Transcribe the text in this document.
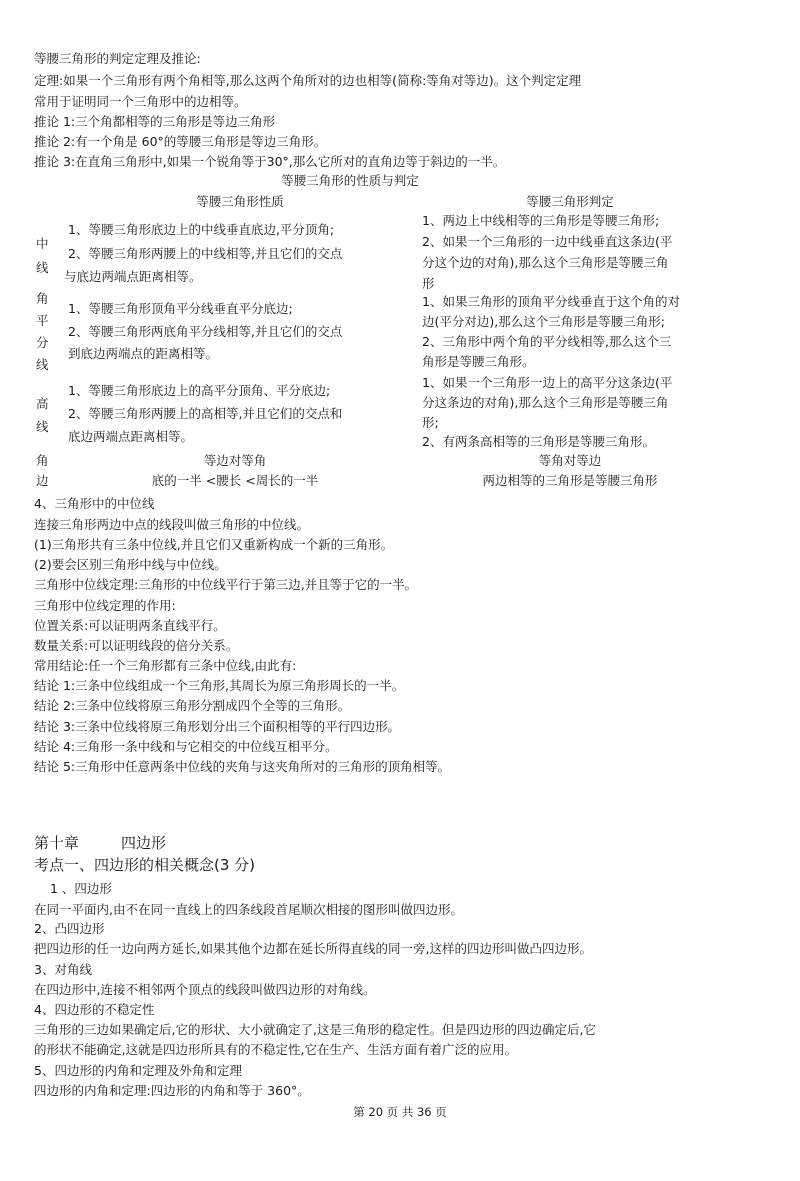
等腰三角形的判定定理及推论:
定理:如果一个三角形有两个角相等,那么这两个角所对的边也相等(简称:等角对等边)。这个判定定理
常用于证明同一个三角形中的边相等。
推论 1:三个角都相等的三角形是等边三角形
推论 2:有一个角是 60°的等腰三角形是等边三角形。
推论 3:在直角三角形中,如果一个锐角等于30°,那么它所对的直角边等于斜边的一半。
等腰三角形的性质与判定
等腰三角形性质	等腰三角形判定
中
线
1、等腰三角形底边上的中线垂直底边,平分顶角;
2、等腰三角形两腰上的中线相等,并且它们的交点
与底边两端点距离相等。
角
平
分
线
1、等腰三角形顶角平分线垂直平分底边;
2、等腰三角形两底角平分线相等,并且它们的交点
到底边两端点的距离相等。
高
线
1、等腰三角形底边上的高平分顶角、平分底边;
2、等腰三角形两腰上的高相等,并且它们的交点和
底边两端点距离相等。
角
边
等边对等角
底的一半 <腰长 <周长的一半
等角对等边
两边相等的三角形是等腰三角形
1、两边上中线相等的三角形是等腰三角形;
2、如果一个三角形的一边中线垂直这条边(平
分这个边的对角),那么这个三角形是等腰三角
形
1、如果三角形的顶角平分线垂直于这个角的对
边(平分对边),那么这个三角形是等腰三角形;
2、三角形中两个角的平分线相等,那么这个三
角形是等腰三角形。
1、如果一个三角形一边上的高平分这条边(平
分这条边的对角),那么这个三角形是等腰三角
形;
2、有两条高相等的三角形是等腰三角形。
4、三角形中的中位线
连接三角形两边中点的线段叫做三角形的中位线。
(1)三角形共有三条中位线,并且它们又重新构成一个新的三角形。
(2)要会区别三角形中线与中位线。
三角形中位线定理:三角形的中位线平行于第三边,并且等于它的一半。
三角形中位线定理的作用:
位置关系:可以证明两条直线平行。
数量关系:可以证明线段的倍分关系。
常用结论:任一个三角形都有三条中位线,由此有:
结论 1:三条中位线组成一个三角形,其周长为原三角形周长的一半。
结论 2:三条中位线将原三角形分割成四个全等的三角形。
结论 3:三条中位线将原三角形划分出三个面积相等的平行四边形。
结论 4:三角形一条中线和与它相交的中位线互相平分。
结论 5:三角形中任意两条中位线的夹角与这夹角所对的三角形的顶角相等。
第十章	四边形
考点一、四边形的相关概念(3 分)
1 、四边形
在同一平面内,由不在同一直线上的四条线段首尾顺次相接的图形叫做四边形。
2、凸四边形
把四边形的任一边向两方延长,如果其他个边都在延长所得直线的同一旁,这样的四边形叫做凸四边形。
3、对角线
在四边形中,连接不相邻两个顶点的线段叫做四边形的对角线。
4、四边形的不稳定性
三角形的三边如果确定后,它的形状、大小就确定了,这是三角形的稳定性。但是四边形的四边确定后,它
的形状不能确定,这就是四边形所具有的不稳定性,它在生产、生活方面有着广泛的应用。
5、四边形的内角和定理及外角和定理
四边形的内角和定理:四边形的内角和等于 360°。
第 20 页 共 36 页
